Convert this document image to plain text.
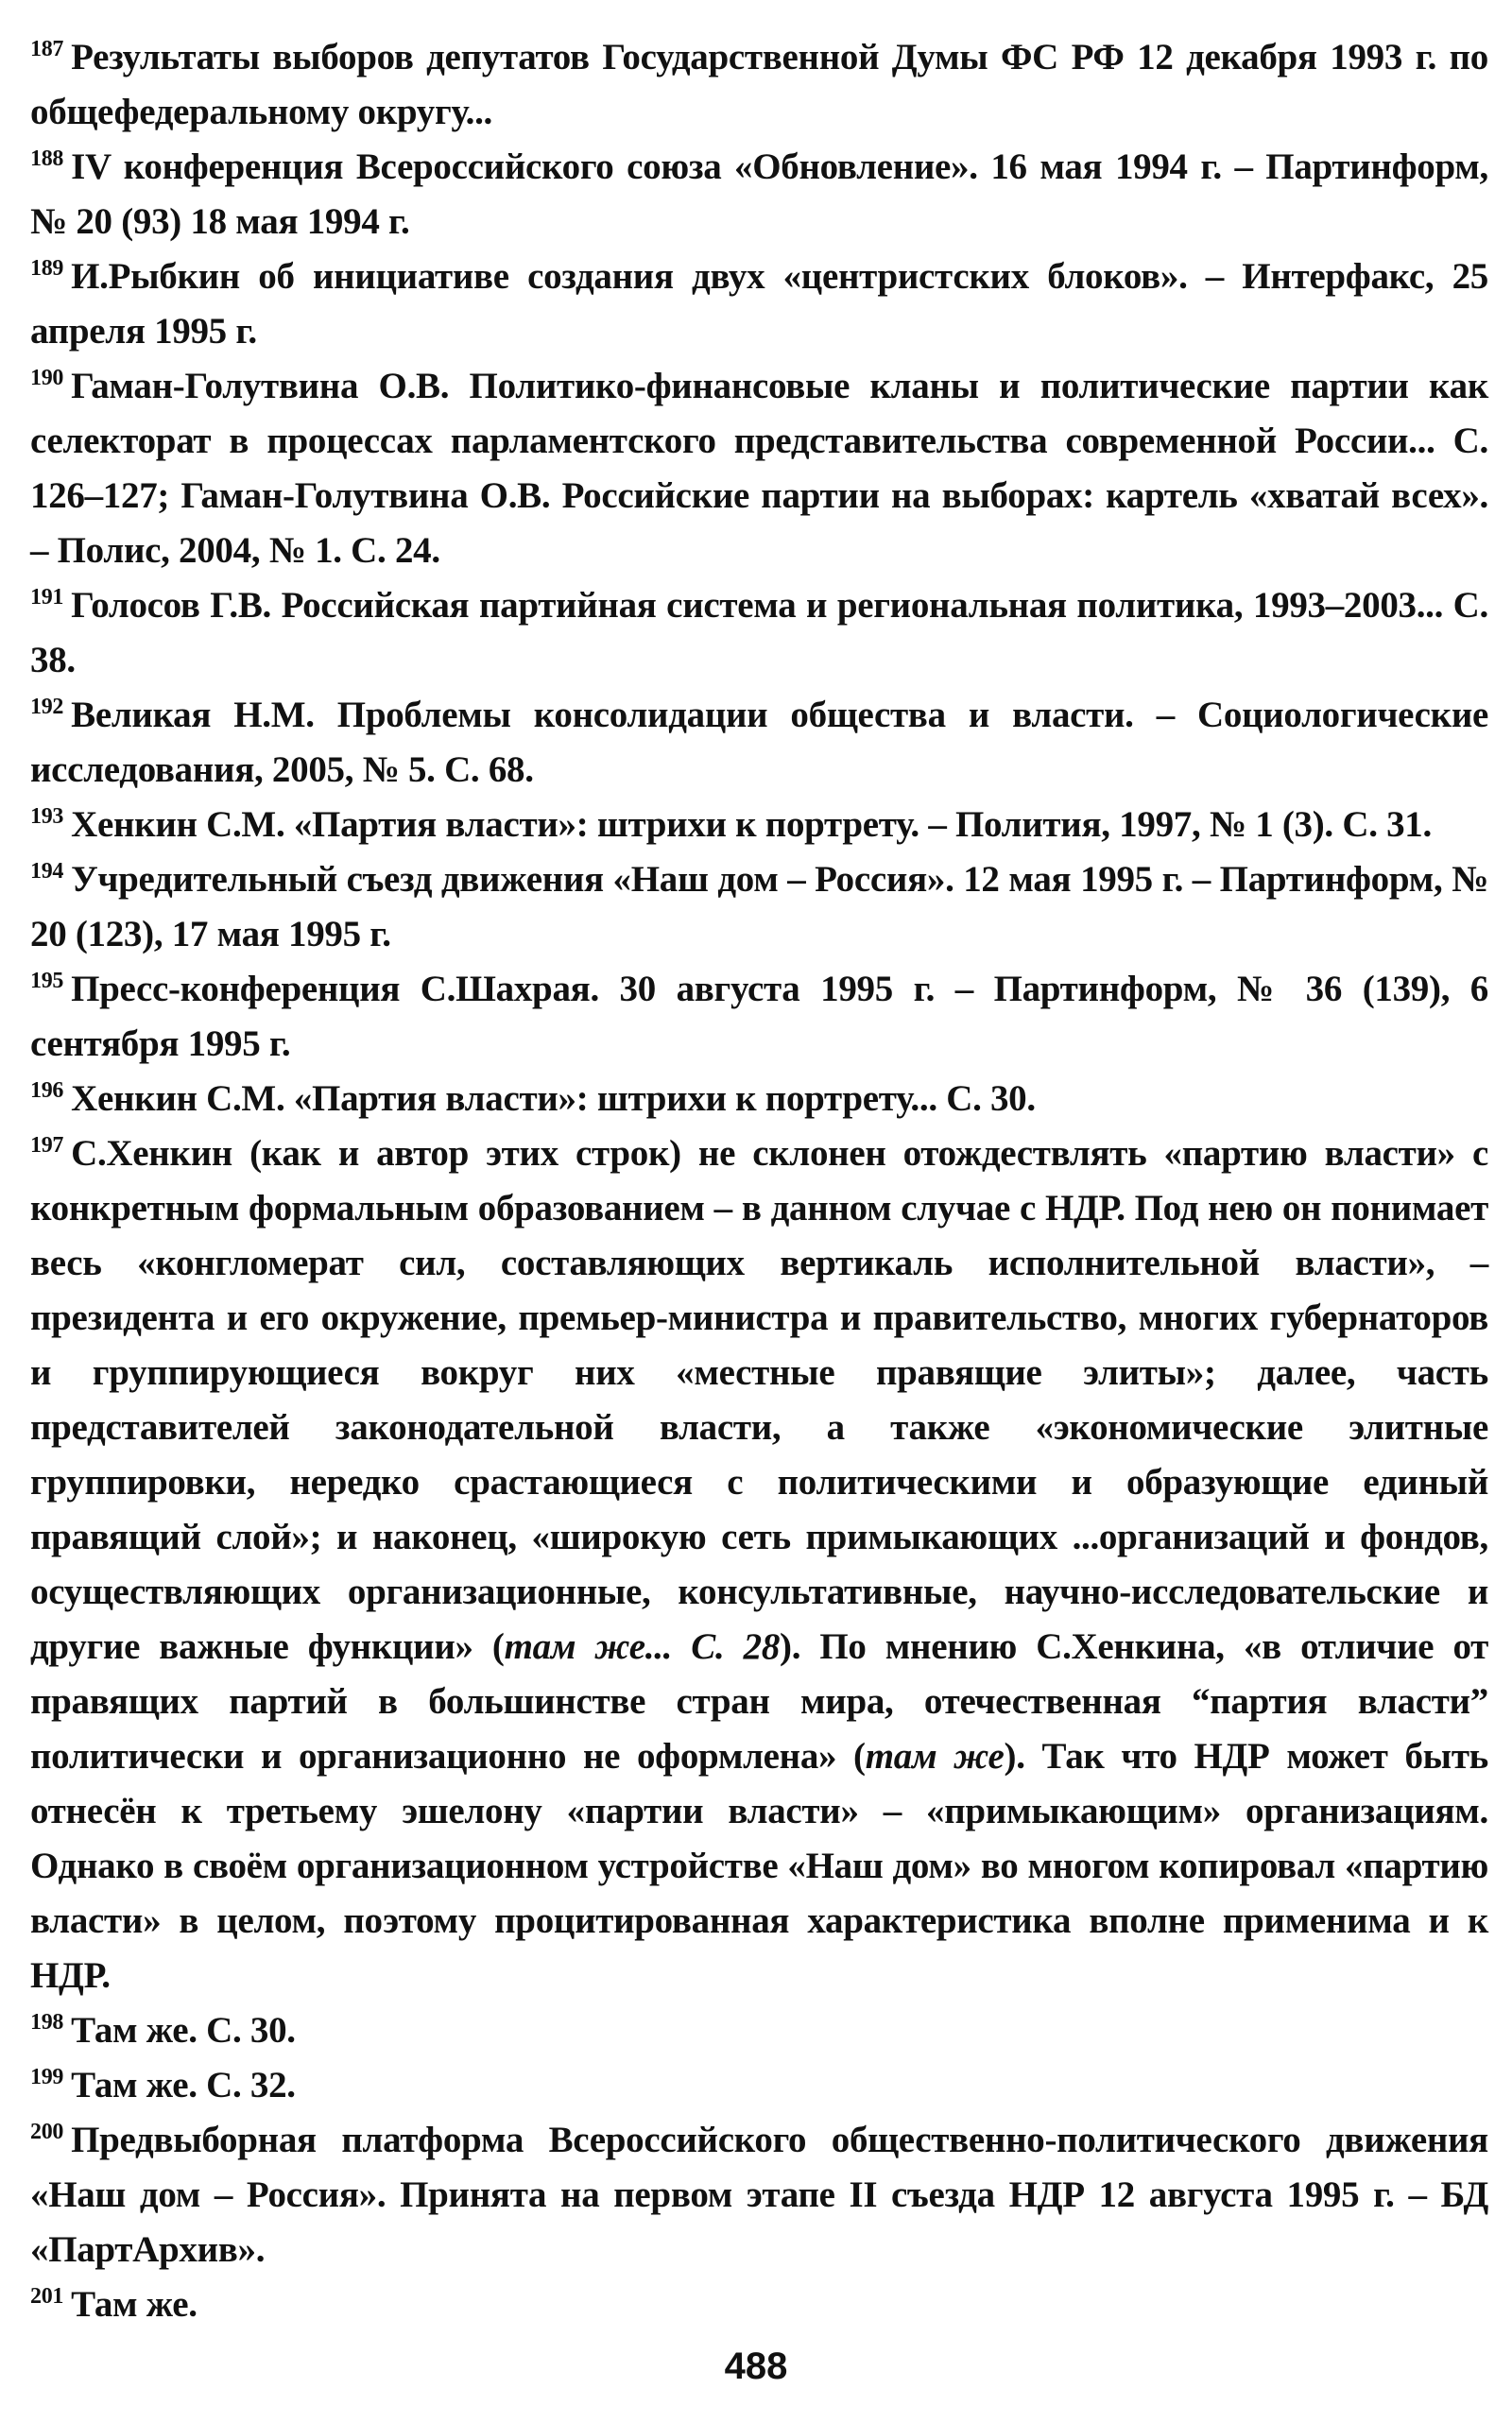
$^{187}$ Результаты выборов депутатов Государственной Думы ФС РФ 12 декабря 1993 г. по общефедеральному округу...
$^{188}$ IV конференция Всероссийского союза «Обновление». 16 мая 1994 г. – Партинформ, № 20 (93) 18 мая 1994 г.
$^{189}$ И.Рыбкин об инициативе создания двух «центристских блоков». – Интерфакс, 25 апреля 1995 г.
$^{190}$ Гаман-Голутвина О.В. Политико-финансовые кланы и политические партии как селекторат в процессах парламентского представительства современной России... С. 126–127; Гаман-Голутвина О.В. Российские партии на выборах: картель «хватай всех». – Полис, 2004, № 1. С. 24.
$^{191}$ Голосов Г.В. Российская партийная система и региональная политика, 1993–2003... С. 38.
$^{192}$ Великая Н.М. Проблемы консолидации общества и власти. – Социологические исследования, 2005, № 5. С. 68.
$^{193}$ Хенкин С.М. «Партия власти»: штрихи к портрету. – Полития, 1997, № 1 (3). С. 31.
$^{194}$ Учредительный съезд движения «Наш дом – Россия». 12 мая 1995 г. – Партинформ, № 20 (123), 17 мая 1995 г.
$^{195}$ Пресс-конференция С.Шахрая. 30 августа 1995 г. – Партинформ, № 36 (139), 6 сентября 1995 г.
$^{196}$ Хенкин С.М. «Партия власти»: штрихи к портрету... С. 30.
$^{197}$ С.Хенкин (как и автор этих строк) не склонен отождествлять «партию власти» с конкретным формальным образованием – в данном случае с НДР. Под нею он понимает весь «конгломерат сил, составляющих вертикаль исполнительной власти», – президента и его окружение, премьер-министра и правительство, многих губернаторов и группирующиеся вокруг них «местные правящие элиты»; далее, часть представителей законодательной власти, а также «экономические элитные группировки, нередко срастающиеся с политическими и образующие единый правящий слой»; и наконец, «широкую сеть примыкающих ...организаций и фондов, осуществляющих организационные, консультативные, научно-исследовательские и другие важные функции» (там же... С. 28). По мнению С.Хенкина, «в отличие от правящих партий в большинстве стран мира, отечественная “партия власти” политически и организационно не оформлена» (там же). Так что НДР может быть отнесён к третьему эшелону «партии власти» – «примыкающим» организациям. Однако в своём организационном устройстве «Наш дом» во многом копировал «партию власти» в целом, поэтому процитированная характеристика вполне применима и к НДР.
$^{198}$ Там же. С. 30.
$^{199}$ Там же. С. 32.
$^{200}$ Предвыборная платформа Всероссийского общественно-политического движения «Наш дом – Россия». Принята на первом этапе II съезда НДР 12 августа 1995 г. – БД «ПартАрхив».
$^{201}$ Там же.
488
